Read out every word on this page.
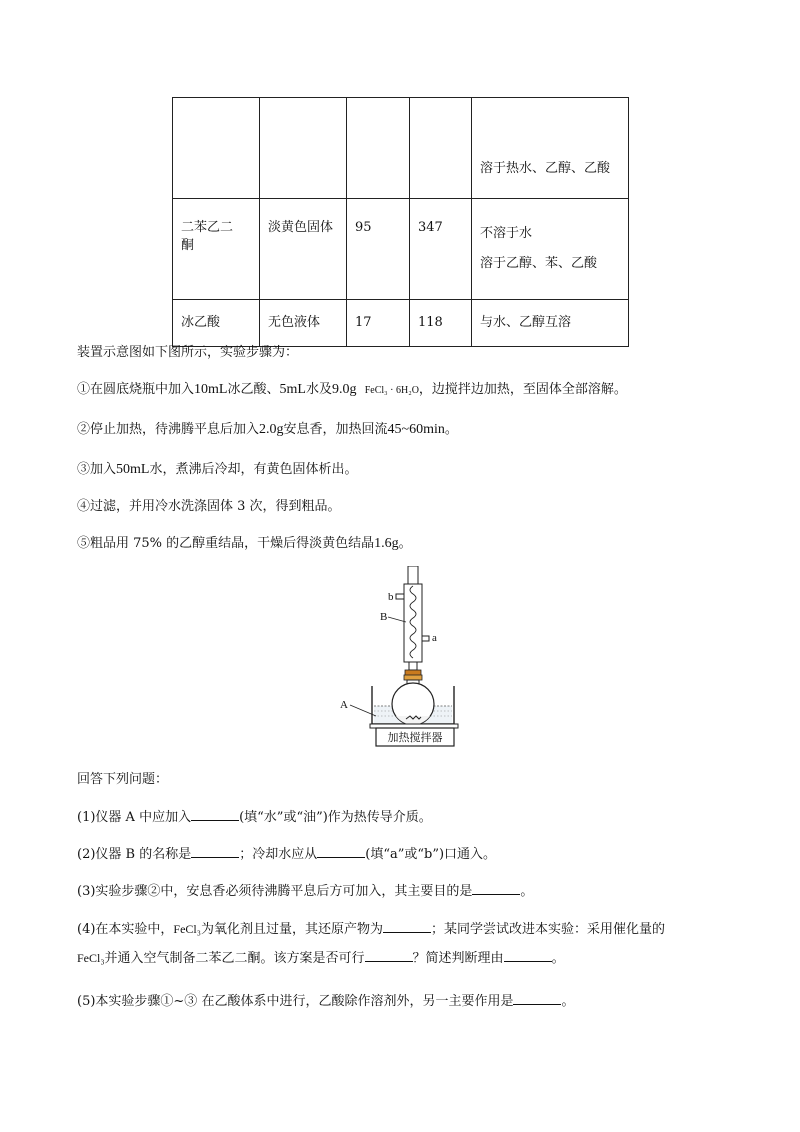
				溶于热水、乙醇、乙酸
二苯乙二酮	淡黄色固体	95	347	不溶于水
溶于乙醇、苯、乙酸
冰乙酸	无色液体	17	118	与水、乙醇互溶
装置示意图如下图所示，实验步骤为：
①在圆底烧瓶中加入10mL冰乙酸、5mL水及9.0g FeCl₃ · 6H₂O，边搅拌边加热，至固体全部溶解。
②停止加热，待沸腾平息后加入2.0g安息香，加热回流45~60min。
③加入50mL水，煮沸后冷却，有黄色固体析出。
④过滤，并用冷水洗涤固体 3 次，得到粗品。
⑤粗品用 75% 的乙醇重结晶，干燥后得淡黄色结晶1.6g。
加热搅拌器
b
B
a
A
回答下列问题：
(1)仪器 A 中应加入	(填“水”或“油”)作为热传导介质。
(2)仪器 B 的名称是	；冷却水应从	(填“a”或“b”)口通入。
(3)实验步骤②中，安息香必须待沸腾平息后方可加入，其主要目的是	。
(4)在本实验中，FeCl₃为氧化剂且过量，其还原产物为	；某同学尝试改进本实验：采用催化量的
FeCl₃并通入空气制备二苯乙二酮。该方案是否可行	？简述判断理由	。
(5)本实验步骤①~③ 在乙酸体系中进行，乙酸除作溶剂外，另一主要作用是	。
